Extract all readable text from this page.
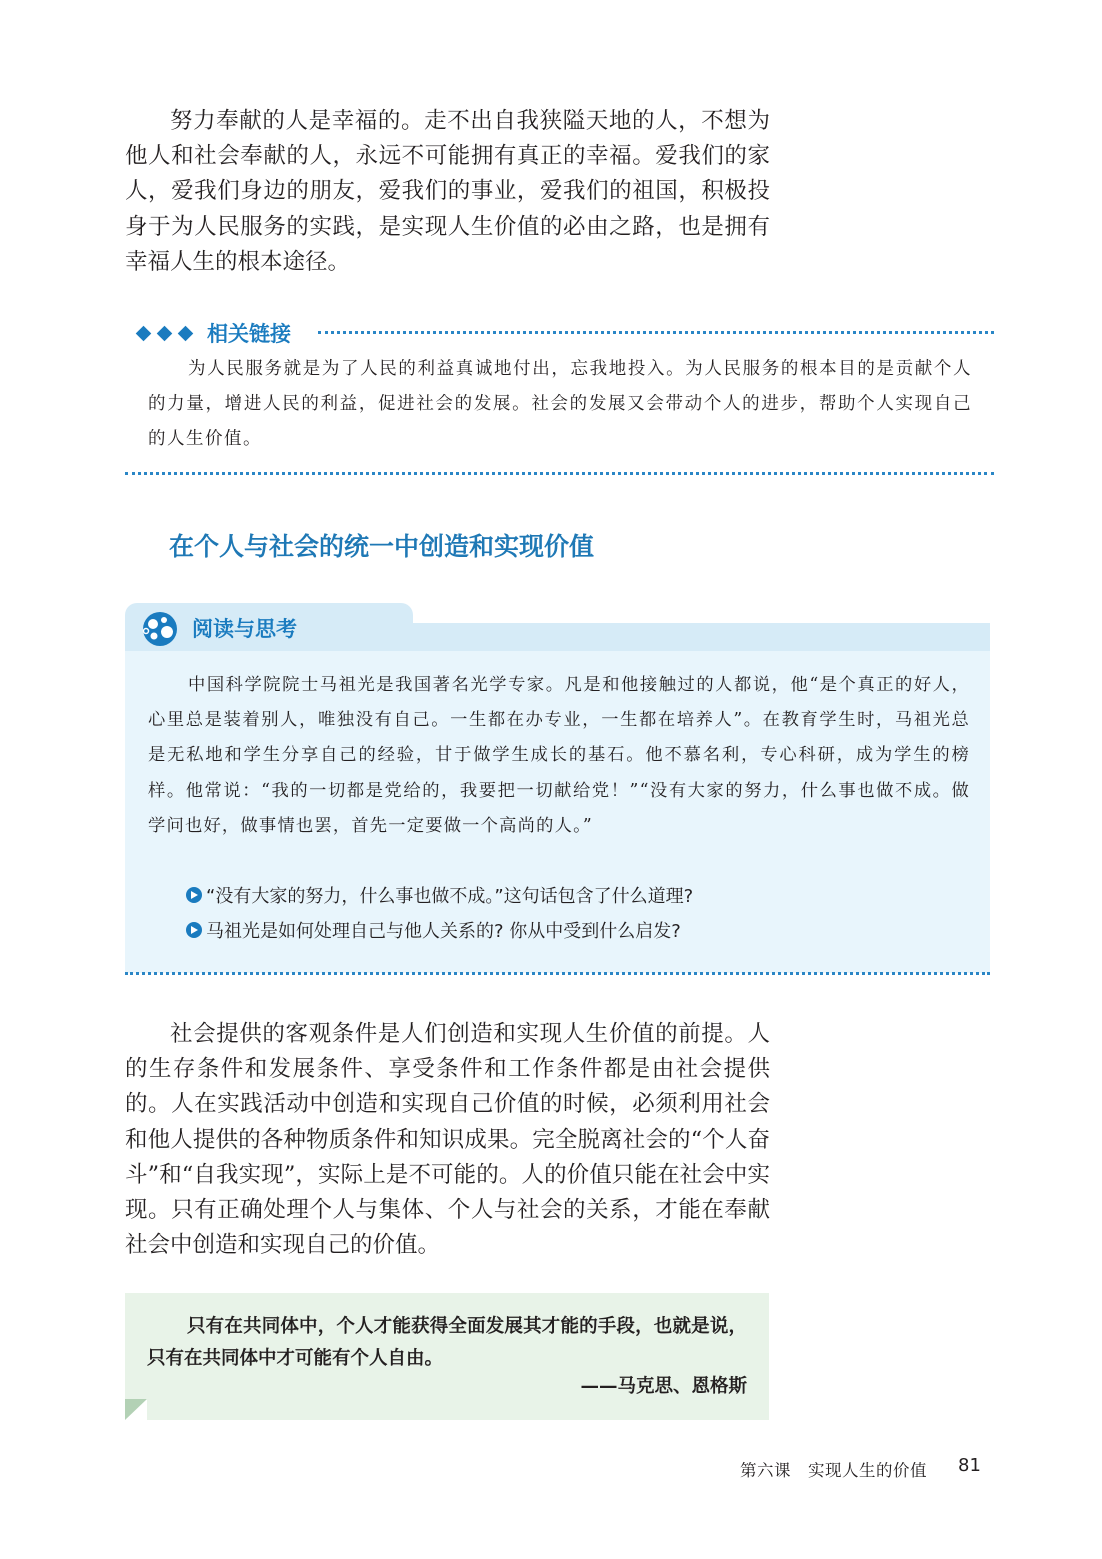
努力奉献的人是幸福的。走不出自我狭隘天地的人，不想为他人和社会奉献的人，永远不可能拥有真正的幸福。爱我们的家人，爱我们身边的朋友，爱我们的事业，爱我们的祖国，积极投身于为人民服务的实践，是实现人生价值的必由之路，也是拥有幸福人生的根本途径。

相关链接

为人民服务就是为了人民的利益真诚地付出，忘我地投入。为人民服务的根本目的是贡献个人的力量，增进人民的利益，促进社会的发展。社会的发展又会带动个人的进步，帮助个人实现自己的人生价值。

在个人与社会的统一中创造和实现价值
阅读与思考

中国科学院院士马祖光是我国著名光学专家。凡是和他接触过的人都说，他“是个真正的好人，心里总是装着别人，唯独没有自己。一生都在办专业，一生都在培养人”。在教育学生时，马祖光总是无私地和学生分享自己的经验，甘于做学生成长的基石。他不慕名利，专心科研，成为学生的榜样。他常说：“我的一切都是党给的，我要把一切献给党！”“没有大家的努力，什么事也做不成。做学问也好，做事情也罢，首先一定要做一个高尚的人。”

“没有大家的努力，什么事也做不成。”这句话包含了什么道理?
马祖光是如何处理自己与他人关系的? 你从中受到什么启发?

社会提供的客观条件是人们创造和实现人生价值的前提。人的生存条件和发展条件、享受条件和工作条件都是由社会提供的。人在实践活动中创造和实现自己价值的时候，必须利用社会和他人提供的各种物质条件和知识成果。完全脱离社会的“个人奋斗”和“自我实现”，实际上是不可能的。人的价值只能在社会中实现。只有正确处理个人与集体、个人与社会的关系，才能在奉献社会中创造和实现自己的价值。

只有在共同体中，个人才能获得全面发展其才能的手段，也就是说，只有在共同体中才可能有个人自由。

——马克思、恩格斯
第六课　实现人生的价值 81
